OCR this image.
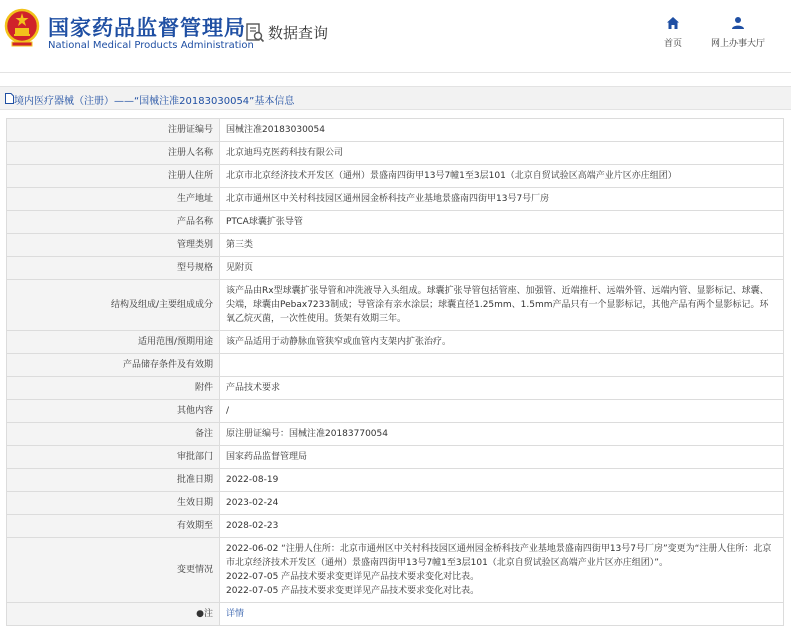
国家药品监督管理局
National Medical Products Administration
数据查询
首页	网上办事大厅
境内医疗器械（注册）——“国械注准20183030054”基本信息
注册证编号	国械注准20183030054
注册人名称	北京迪玛克医药科技有限公司
注册人住所	北京市北京经济技术开发区（通州）景盛南四街甲13号7幢1至3层101（北京自贸试验区高端产业片区亦庄组团）
生产地址	北京市通州区中关村科技园区通州园金桥科技产业基地景盛南四街甲13号7号厂房
产品名称	PTCA球囊扩张导管
管理类别	第三类
型号规格	见附页
结构及组成/主要组成成分	该产品由Rx型球囊扩张导管和冲洗液导入头组成。球囊扩张导管包括管座、加强管、近端推杆、远端外管、远端内管、显影标记、球囊、尖端，球囊由Pebax7233制成；导管涂有亲水涂层；球囊直径1.25mm、1.5mm产品只有一个显影标记，其他产品有两个显影标记。环氧乙烷灭菌，一次性使用。货架有效期三年。
适用范围/预期用途	该产品适用于动静脉血管狭窄或血管内支架内扩张治疗。
产品储存条件及有效期	
附件	产品技术要求
其他内容	/
备注	原注册证编号：国械注准20183770054
审批部门	国家药品监督管理局
批准日期	2022-08-19
生效日期	2023-02-24
有效期至	2028-02-23
变更情况	2022-06-02 “注册人住所：北京市通州区中关村科技园区通州园金桥科技产业基地景盛南四街甲13号7号厂房”变更为“注册人住所：北京市北京经济技术开发区（通州）景盛南四街甲13号7幢1至3层101（北京自贸试验区高端产业片区亦庄组团）”。
2022-07-05 产品技术要求变更详见产品技术要求变化对比表。
2022-07-05 产品技术要求变更详见产品技术要求变化对比表。

●注	详情
